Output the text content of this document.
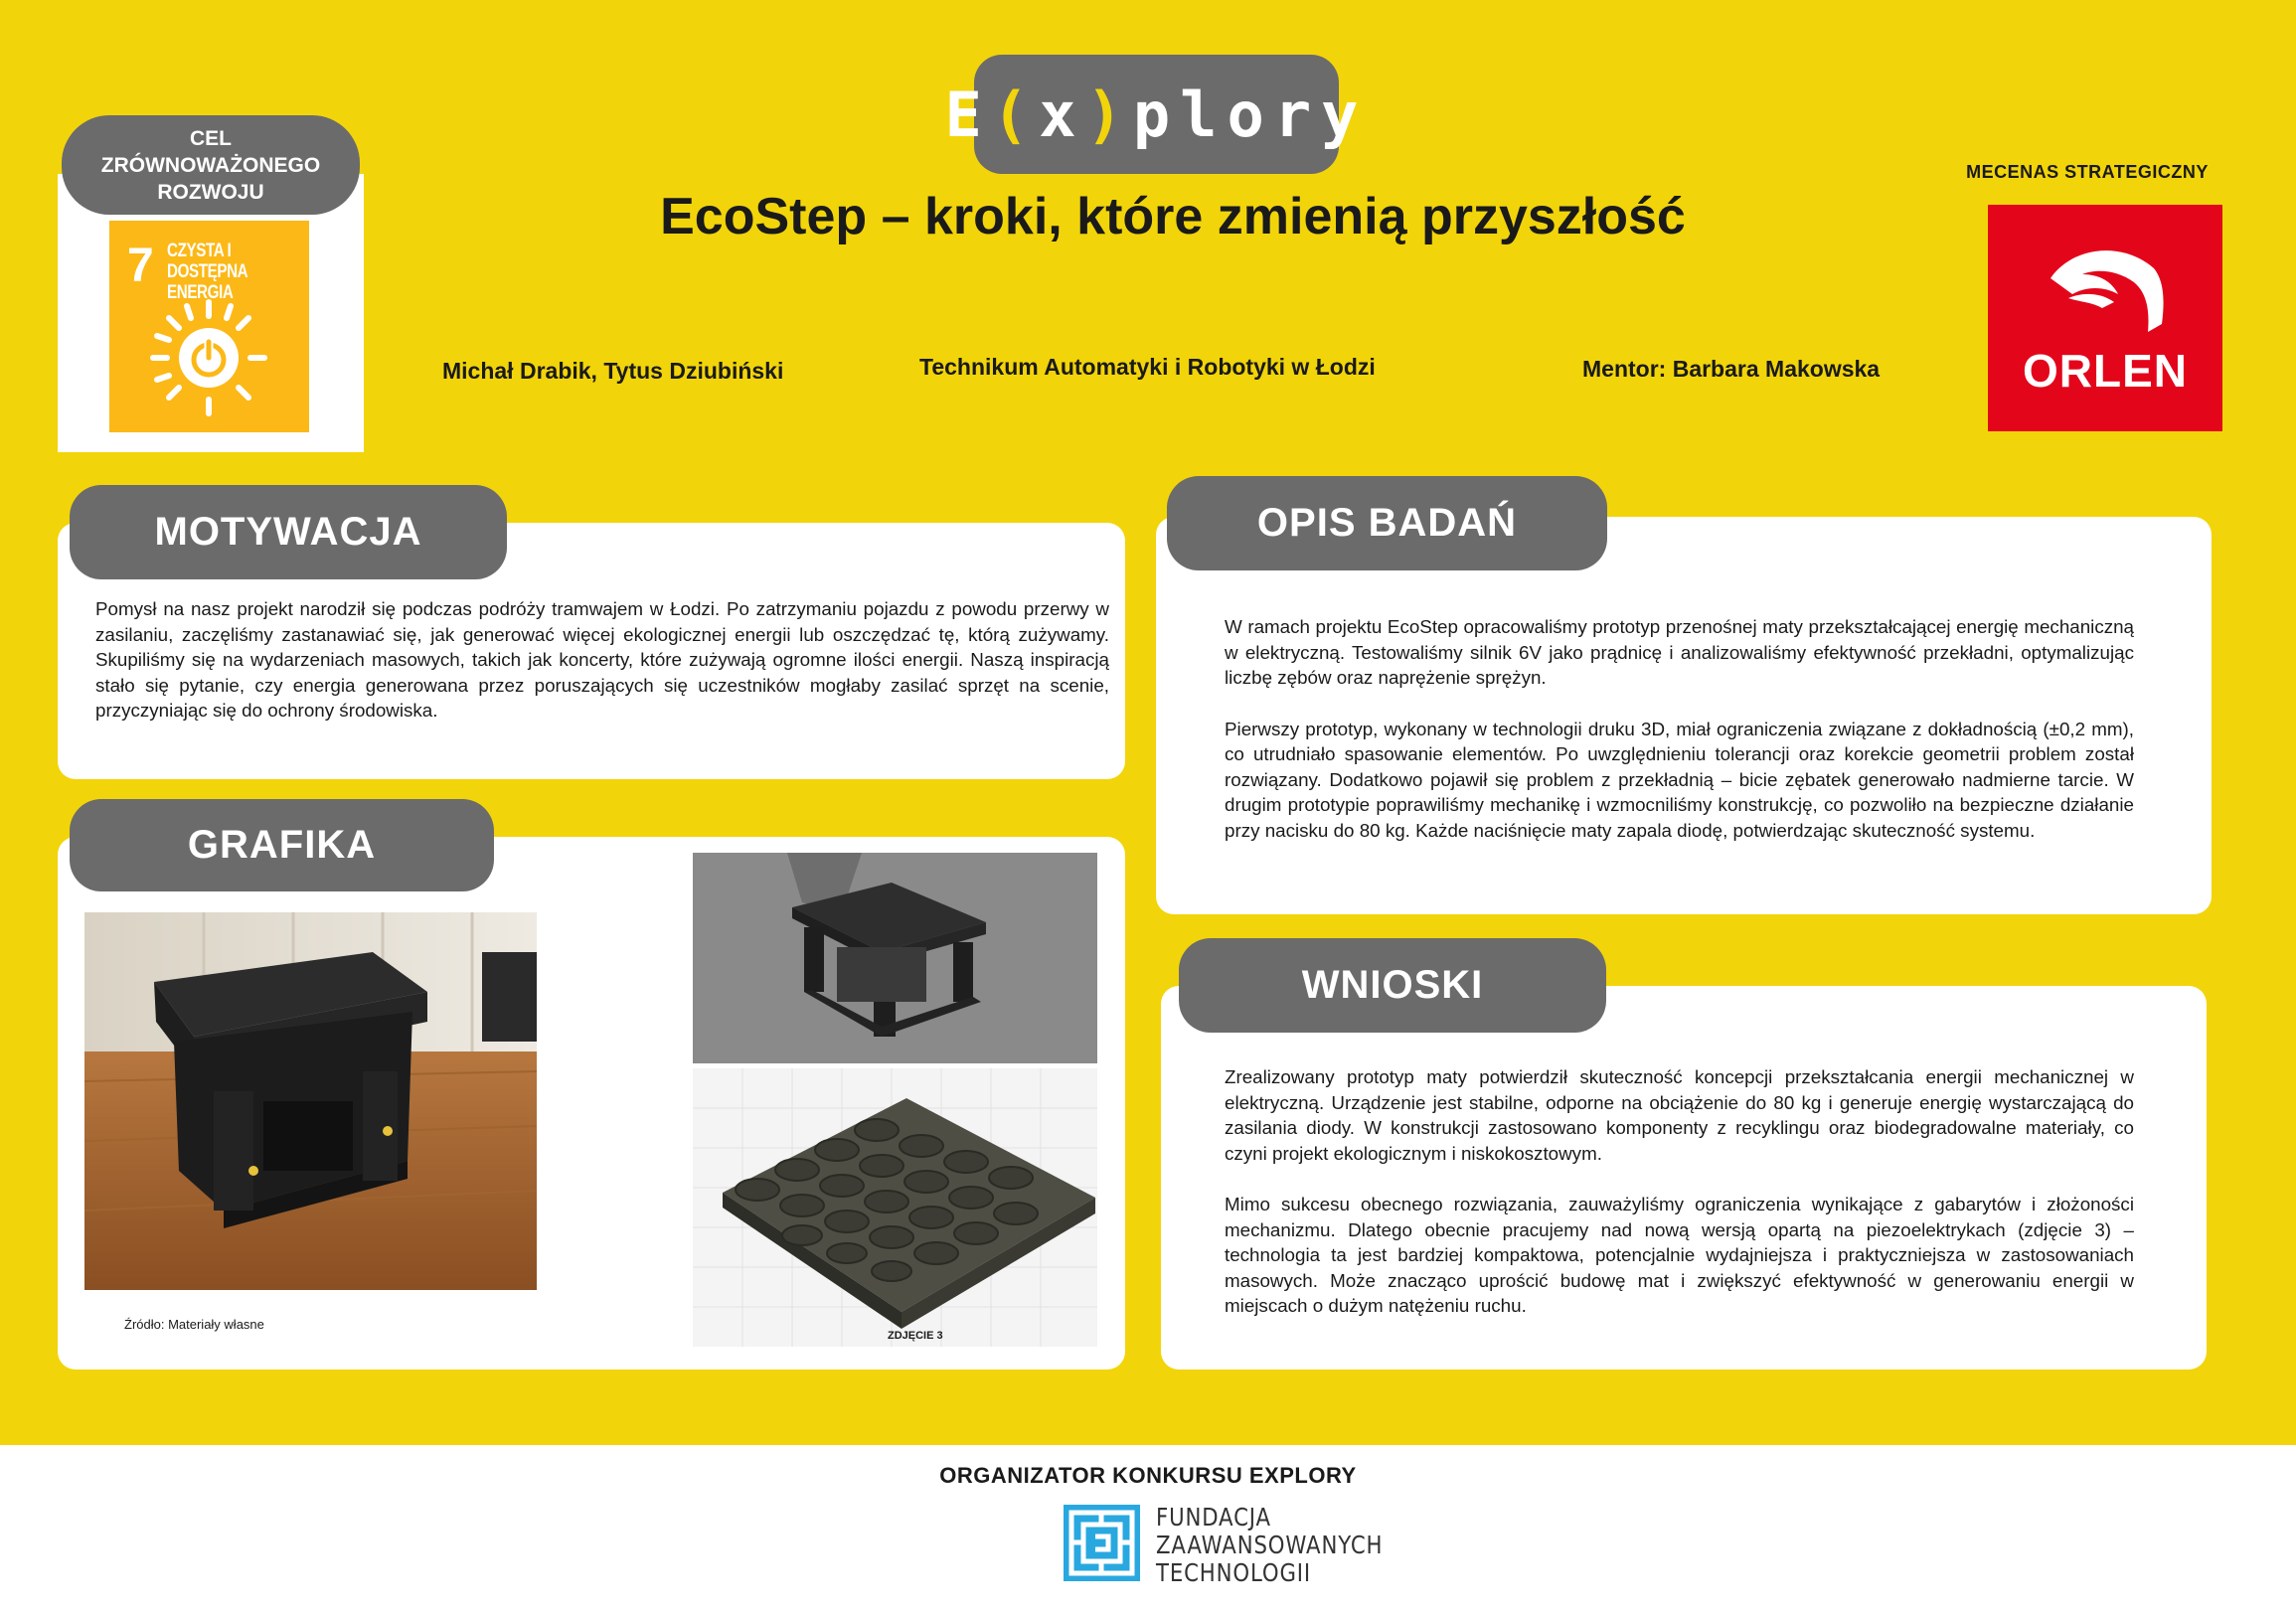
E(x)plory
EcoStep – kroki, które zmienią przyszłość
Michał Drabik, Tytus Dziubiński	Technikum Automatyki i Robotyki w Łodzi	Mentor: Barbara Makowska
CEL
ZRÓWNOWAŻONEGO
ROZWOJU
7 CZYSTA I DOSTĘPNA
ENERGIA
MECENAS STRATEGICZNY
ORLEN
MOTYWACJA

Pomysł na nasz projekt narodził się podczas podróży tramwajem w Łodzi. Po zatrzymaniu pojazdu z powodu przerwy w zasilaniu, zaczęliśmy zastanawiać się, jak generować więcej ekologicznej energii lub oszczędzać tę, którą zużywamy. Skupiliśmy się na wydarzeniach masowych, takich jak koncerty, które zużywają ogromne ilości energii. Naszą inspiracją stało się pytanie, czy energia generowana przez poruszających się uczestników mogłaby zasilać sprzęt na scenie, przyczyniając się do ochrony środowiska.

GRAFIKA
Źródło: Materiały własne
ZDJĘCIE 3
OPIS BADAŃ

W ramach projektu EcoStep opracowaliśmy prototyp przenośnej maty przekształcającej energię mechaniczną w elektryczną. Testowaliśmy silnik 6V jako prądnicę i analizowaliśmy efektywność przekładni, optymalizując liczbę zębów oraz naprężenie sprężyn.

Pierwszy prototyp, wykonany w technologii druku 3D, miał ograniczenia związane z dokładnością (±0,2 mm), co utrudniało spasowanie elementów. Po uwzględnieniu tolerancji oraz korekcie geometrii problem został rozwiązany. Dodatkowo pojawił się problem z przekładnią – bicie zębatek generowało nadmierne tarcie. W drugim prototypie poprawiliśmy mechanikę i wzmocniliśmy konstrukcję, co pozwoliło na bezpieczne działanie przy nacisku do 80 kg. Każde naciśnięcie maty zapala diodę, potwierdzając skuteczność systemu.

WNIOSKI

Zrealizowany prototyp maty potwierdził skuteczność koncepcji przekształcania energii mechanicznej w elektryczną. Urządzenie jest stabilne, odporne na obciążenie do 80 kg i generuje energię wystarczającą do zasilania diody. W konstrukcji zastosowano komponenty z recyklingu oraz biodegradowalne materiały, co czyni projekt ekologicznym i niskokosztowym.

Mimo sukcesu obecnego rozwiązania, zauważyliśmy ograniczenia wynikające z gabarytów i złożoności mechanizmu. Dlatego obecnie pracujemy nad nową wersją opartą na piezoelektrykach (zdjęcie 3) – technologia ta jest bardziej kompaktowa, potencjalnie wydajniejsza i praktyczniejsza w zastosowaniach masowych. Może znacząco uprościć budowę mat i zwiększyć efektywność w generowaniu energii w miejscach o dużym natężeniu ruchu.

ORGANIZATOR KONKURSU EXPLORY
FUNDACJA
ZAAWANSOWANYCH
TECHNOLOGII
